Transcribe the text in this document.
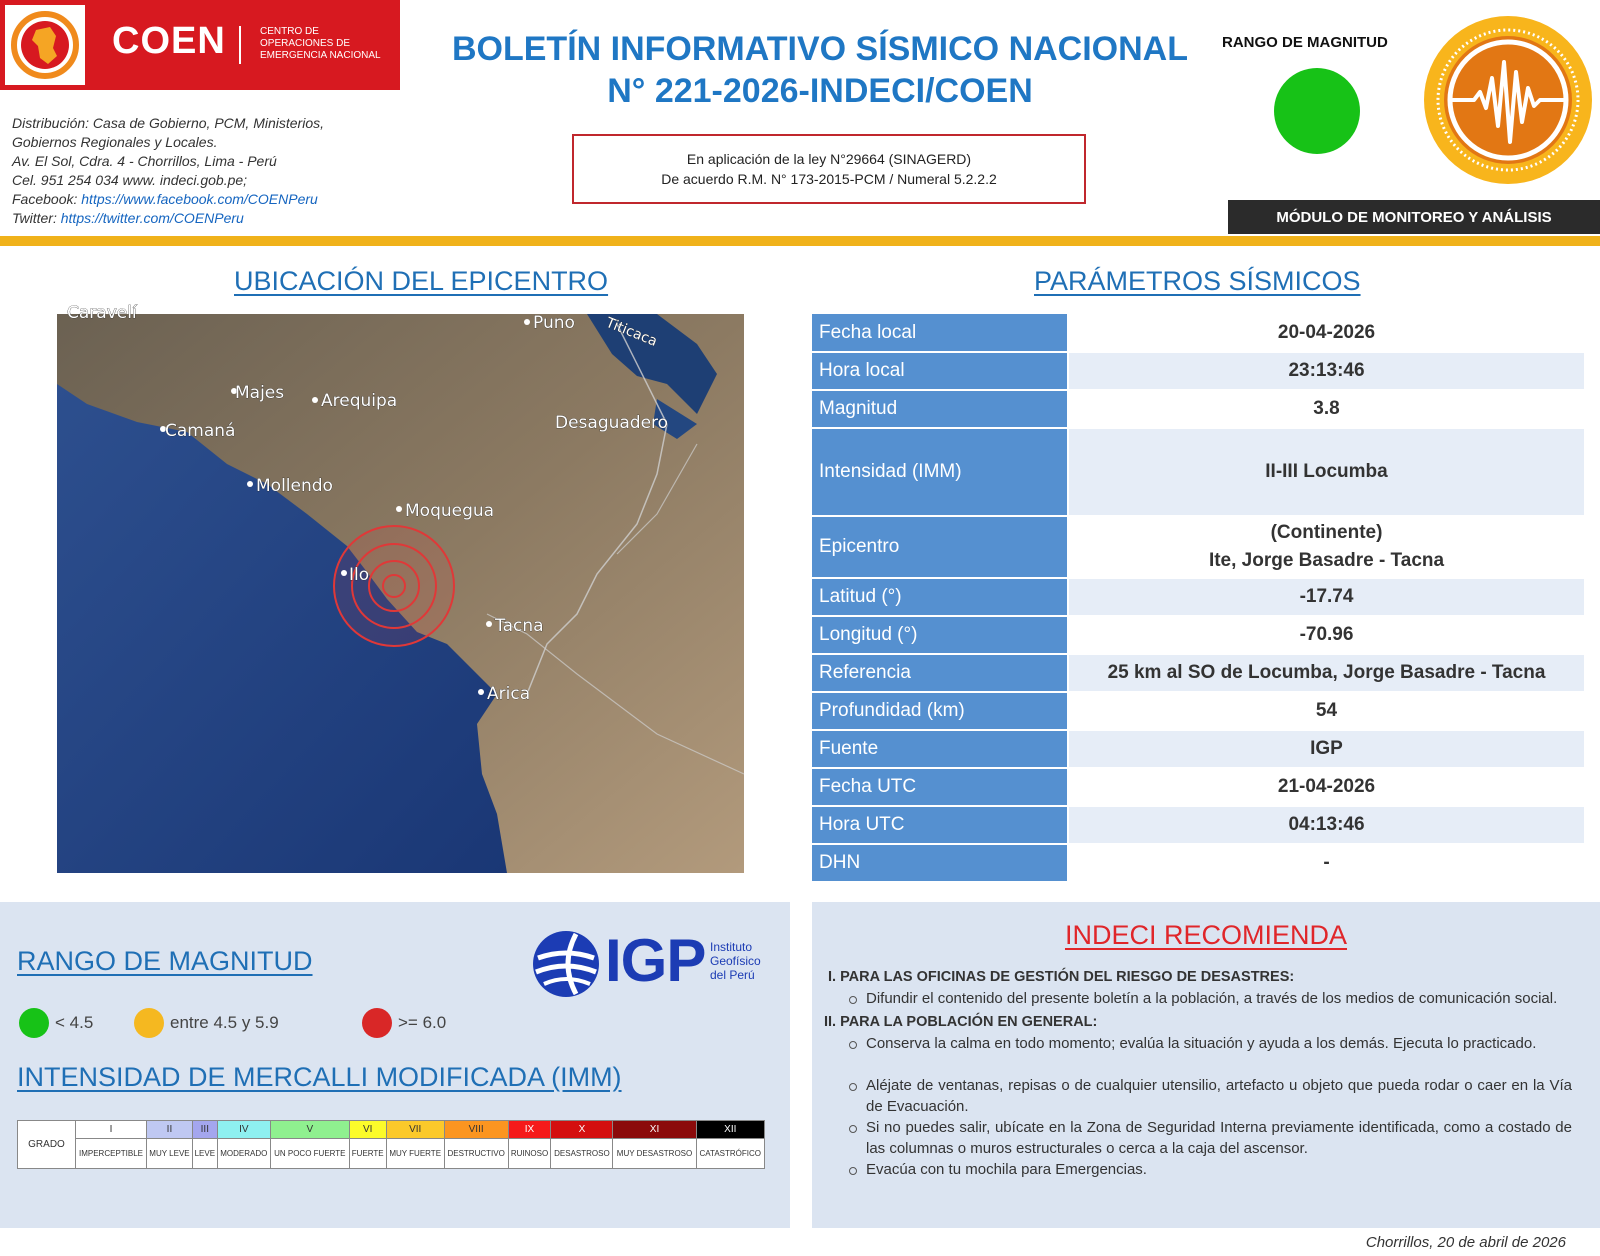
COEN	CENTRO DE
OPERACIONES DE
EMERGENCIA NACIONAL
Distribución: Casa de Gobierno, PCM, Ministerios,
Gobiernos Regionales y Locales.
Av. El Sol, Cdra. 4 - Chorrillos, Lima - Perú
Cel. 951 254 034 www. indeci.gob.pe;
Facebook: https://www.facebook.com/COENPeru
Twitter: https://twitter.com/COENPeru
BOLETÍN INFORMATIVO SÍSMICO NACIONAL
N° 221-2026-INDECI/COEN
En aplicación de la ley N°29664 (SINAGERD)
De acuerdo R.M. N° 173-2015-PCM / Numeral 5.2.2.2
RANGO DE MAGNITUD
MÓDULO DE MONITOREO Y ANÁLISIS
UBICACIÓN DEL EPICENTRO
Caravelí	Puno
Majes Arequipa
Camaná	Desaguadero
Mollendo
Moquegua
Ilo
Tacna
Arica
Titicaca
PARÁMETROS SÍSMICOS
Fecha local	20-04-2026
Hora local	23:13:46
Magnitud	3.8
Intensidad (IMM)	II-III Locumba
Epicentro	(Continente)
Ite, Jorge Basadre - Tacna

Latitud (°)	-17.74
Longitud (°)	-70.96
Referencia	25 km al SO de Locumba, Jorge Basadre - Tacna
Profundidad (km)	54
Fuente	IGP
Fecha UTC	21-04-2026
Hora UTC	04:13:46
DHN	-
RANGO DE MAGNITUD	IGP Instituto
Geofísico
del Perú
< 4.5	entre 4.5 y 5.9	>= 6.0
INTENSIDAD DE MERCALLI MODIFICADA (IMM)
GRADO	I	II	III	IV	V	VI	VII	VIII	IX	X	XI	XII
	IMPERCEPTIBLE	MUY LEVE	LEVE	MODERADO	UN POCO FUERTE	FUERTE	MUY FUERTE	DESTRUCTIVO	RUINOSO	DESASTROSO	MUY DESASTROSO	CATASTRÓFICO
INDECI RECOMIENDA
I. PARA LAS OFICINAS DE GESTIÓN DEL RIESGO DE DESASTRES:
Difundir el contenido del presente boletín a la población, a través de los medios de comunicación social.
II. PARA LA POBLACIÓN EN GENERAL:
Conserva la calma en todo momento; evalúa la situación y ayuda a los demás. Ejecuta lo practicado.
Aléjate de ventanas, repisas o de cualquier utensilio, artefacto u objeto que pueda rodar o caer en la Vía de Evacuación.
Si no puedes salir, ubícate en la Zona de Seguridad Interna previamente identificada, como a costado de las columnas o muros estructurales o cerca a la caja del ascensor.
Evacúa con tu mochila para Emergencias.
Chorrillos, 20 de abril de 2026
